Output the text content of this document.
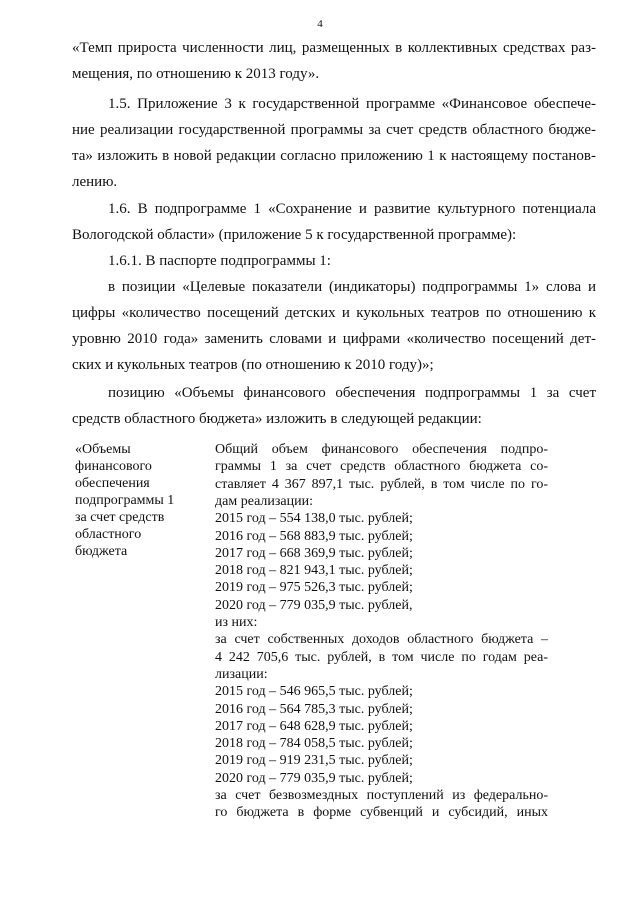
4
«Темп прироста численности лиц, размещенных в коллективных средствах раз-
мещения, по отношению к 2013 году».
1.5. Приложение 3 к государственной программе «Финансовое обеспече-
ние реализации государственной программы за счет средств областного бюдже-
та» изложить в новой редакции согласно приложению 1 к настоящему постанов-
лению.
1.6. В подпрограмме 1 «Сохранение и развитие культурного потенциала
Вологодской области» (приложение 5 к государственной программе):
1.6.1. В паспорте подпрограммы 1:
в позиции «Целевые показатели (индикаторы) подпрограммы 1» слова и
цифры «количество посещений детских и кукольных театров по отношению к
уровню 2010 года» заменить словами и цифрами «количество посещений дет-
ских и кукольных театров (по отношению к 2010 году)»;
позицию «Объемы финансового обеспечения подпрограммы 1 за счет
средств областного бюджета» изложить в следующей редакции:
«Объемы
финансового
обеспечения
подпрограммы 1
за счет средств
областного
бюджета
Общий объем финансового обеспечения подпро-
граммы 1 за счет средств областного бюджета со-
ставляет 4 367 897,1 тыс. рублей, в том числе по го-
дам реализации:
2015 год – 554 138,0 тыс. рублей;
2016 год – 568 883,9 тыс. рублей;
2017 год – 668 369,9 тыс. рублей;
2018 год – 821 943,1 тыс. рублей;
2019 год – 975 526,3 тыс. рублей;
2020 год – 779 035,9 тыс. рублей,
из них:
за счет собственных доходов областного бюджета –
4 242 705,6 тыс. рублей, в том числе по годам реа-
лизации:
2015 год – 546 965,5 тыс. рублей;
2016 год – 564 785,3 тыс. рублей;
2017 год – 648 628,9 тыс. рублей;
2018 год – 784 058,5 тыс. рублей;
2019 год – 919 231,5 тыс. рублей;
2020 год – 779 035,9 тыс. рублей;
за счет безвозмездных поступлений из федерально-
го бюджета в форме субвенций и субсидий, иных
